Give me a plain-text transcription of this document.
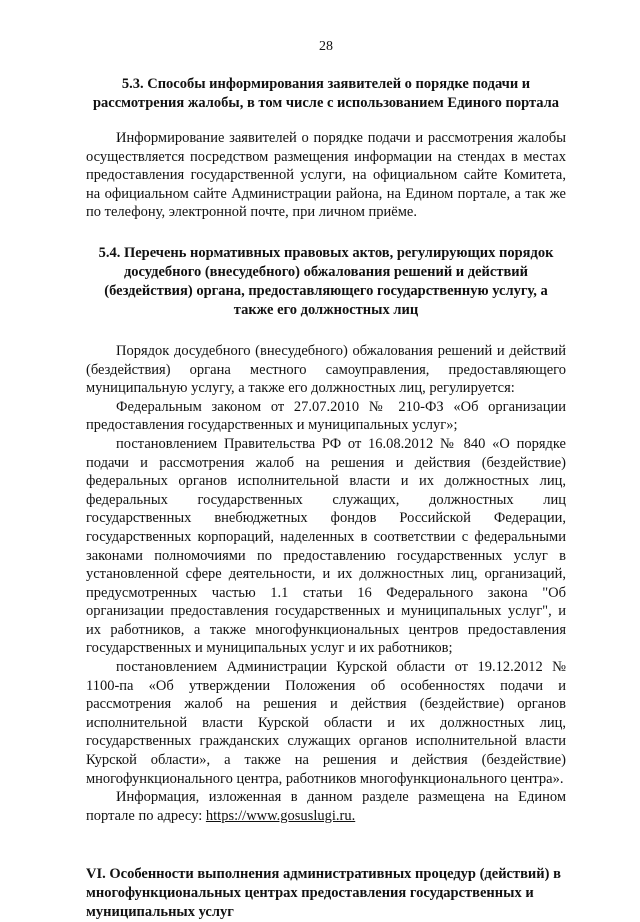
28

5.3. Способы информирования заявителей о порядке подачи и рассмотрения жалобы, в том числе с использованием Единого портала

Информирование заявителей о порядке подачи и рассмотрения жалобы осуществляется посредством размещения информации на стендах в местах предоставления государственной услуги, на официальном сайте Комитета, на официальном сайте Администрации района, на Едином портале, а так же по телефону, электронной почте, при личном приёме.

5.4. Перечень нормативных правовых актов, регулирующих порядок досудебного (внесудебного) обжалования решений и действий (бездействия) органа, предоставляющего государственную услугу, а также его должностных лиц

Порядок досудебного (внесудебного) обжалования решений и действий (бездействия) органа местного самоуправления, предоставляющего муниципальную услугу, а также его должностных лиц, регулируется:

Федеральным законом от 27.07.2010 № 210-ФЗ «Об организации предоставления государственных и муниципальных услуг»;

постановлением Правительства РФ от 16.08.2012 № 840 «О порядке подачи и рассмотрения жалоб на решения и действия (бездействие) федеральных органов исполнительной власти и их должностных лиц, федеральных государственных служащих, должностных лиц государственных внебюджетных фондов Российской Федерации, государственных корпораций, наделенных в соответствии с федеральными законами полномочиями по предоставлению государственных услуг в установленной сфере деятельности, и их должностных лиц, организаций, предусмотренных частью 1.1 статьи 16 Федерального закона "Об организации предоставления государственных и муниципальных услуг", и их работников, а также многофункциональных центров предоставления государственных и муниципальных услуг и их работников;

постановлением Администрации Курской области от 19.12.2012 № 1100-па «Об утверждении Положения об особенностях подачи и рассмотрения жалоб на решения и действия (бездействие) органов исполнительной власти Курской области и их должностных лиц, государственных гражданских служащих органов исполнительной власти Курской области», а также на решения и действия (бездействие) многофункционального центра, работников многофункционального центра».

Информация, изложенная в данном разделе размещена на Едином портале по адресу: https://www.gosuslugi.ru.

VI. Особенности выполнения административных процедур (действий) в многофункциональных центрах предоставления государственных и муниципальных услуг
